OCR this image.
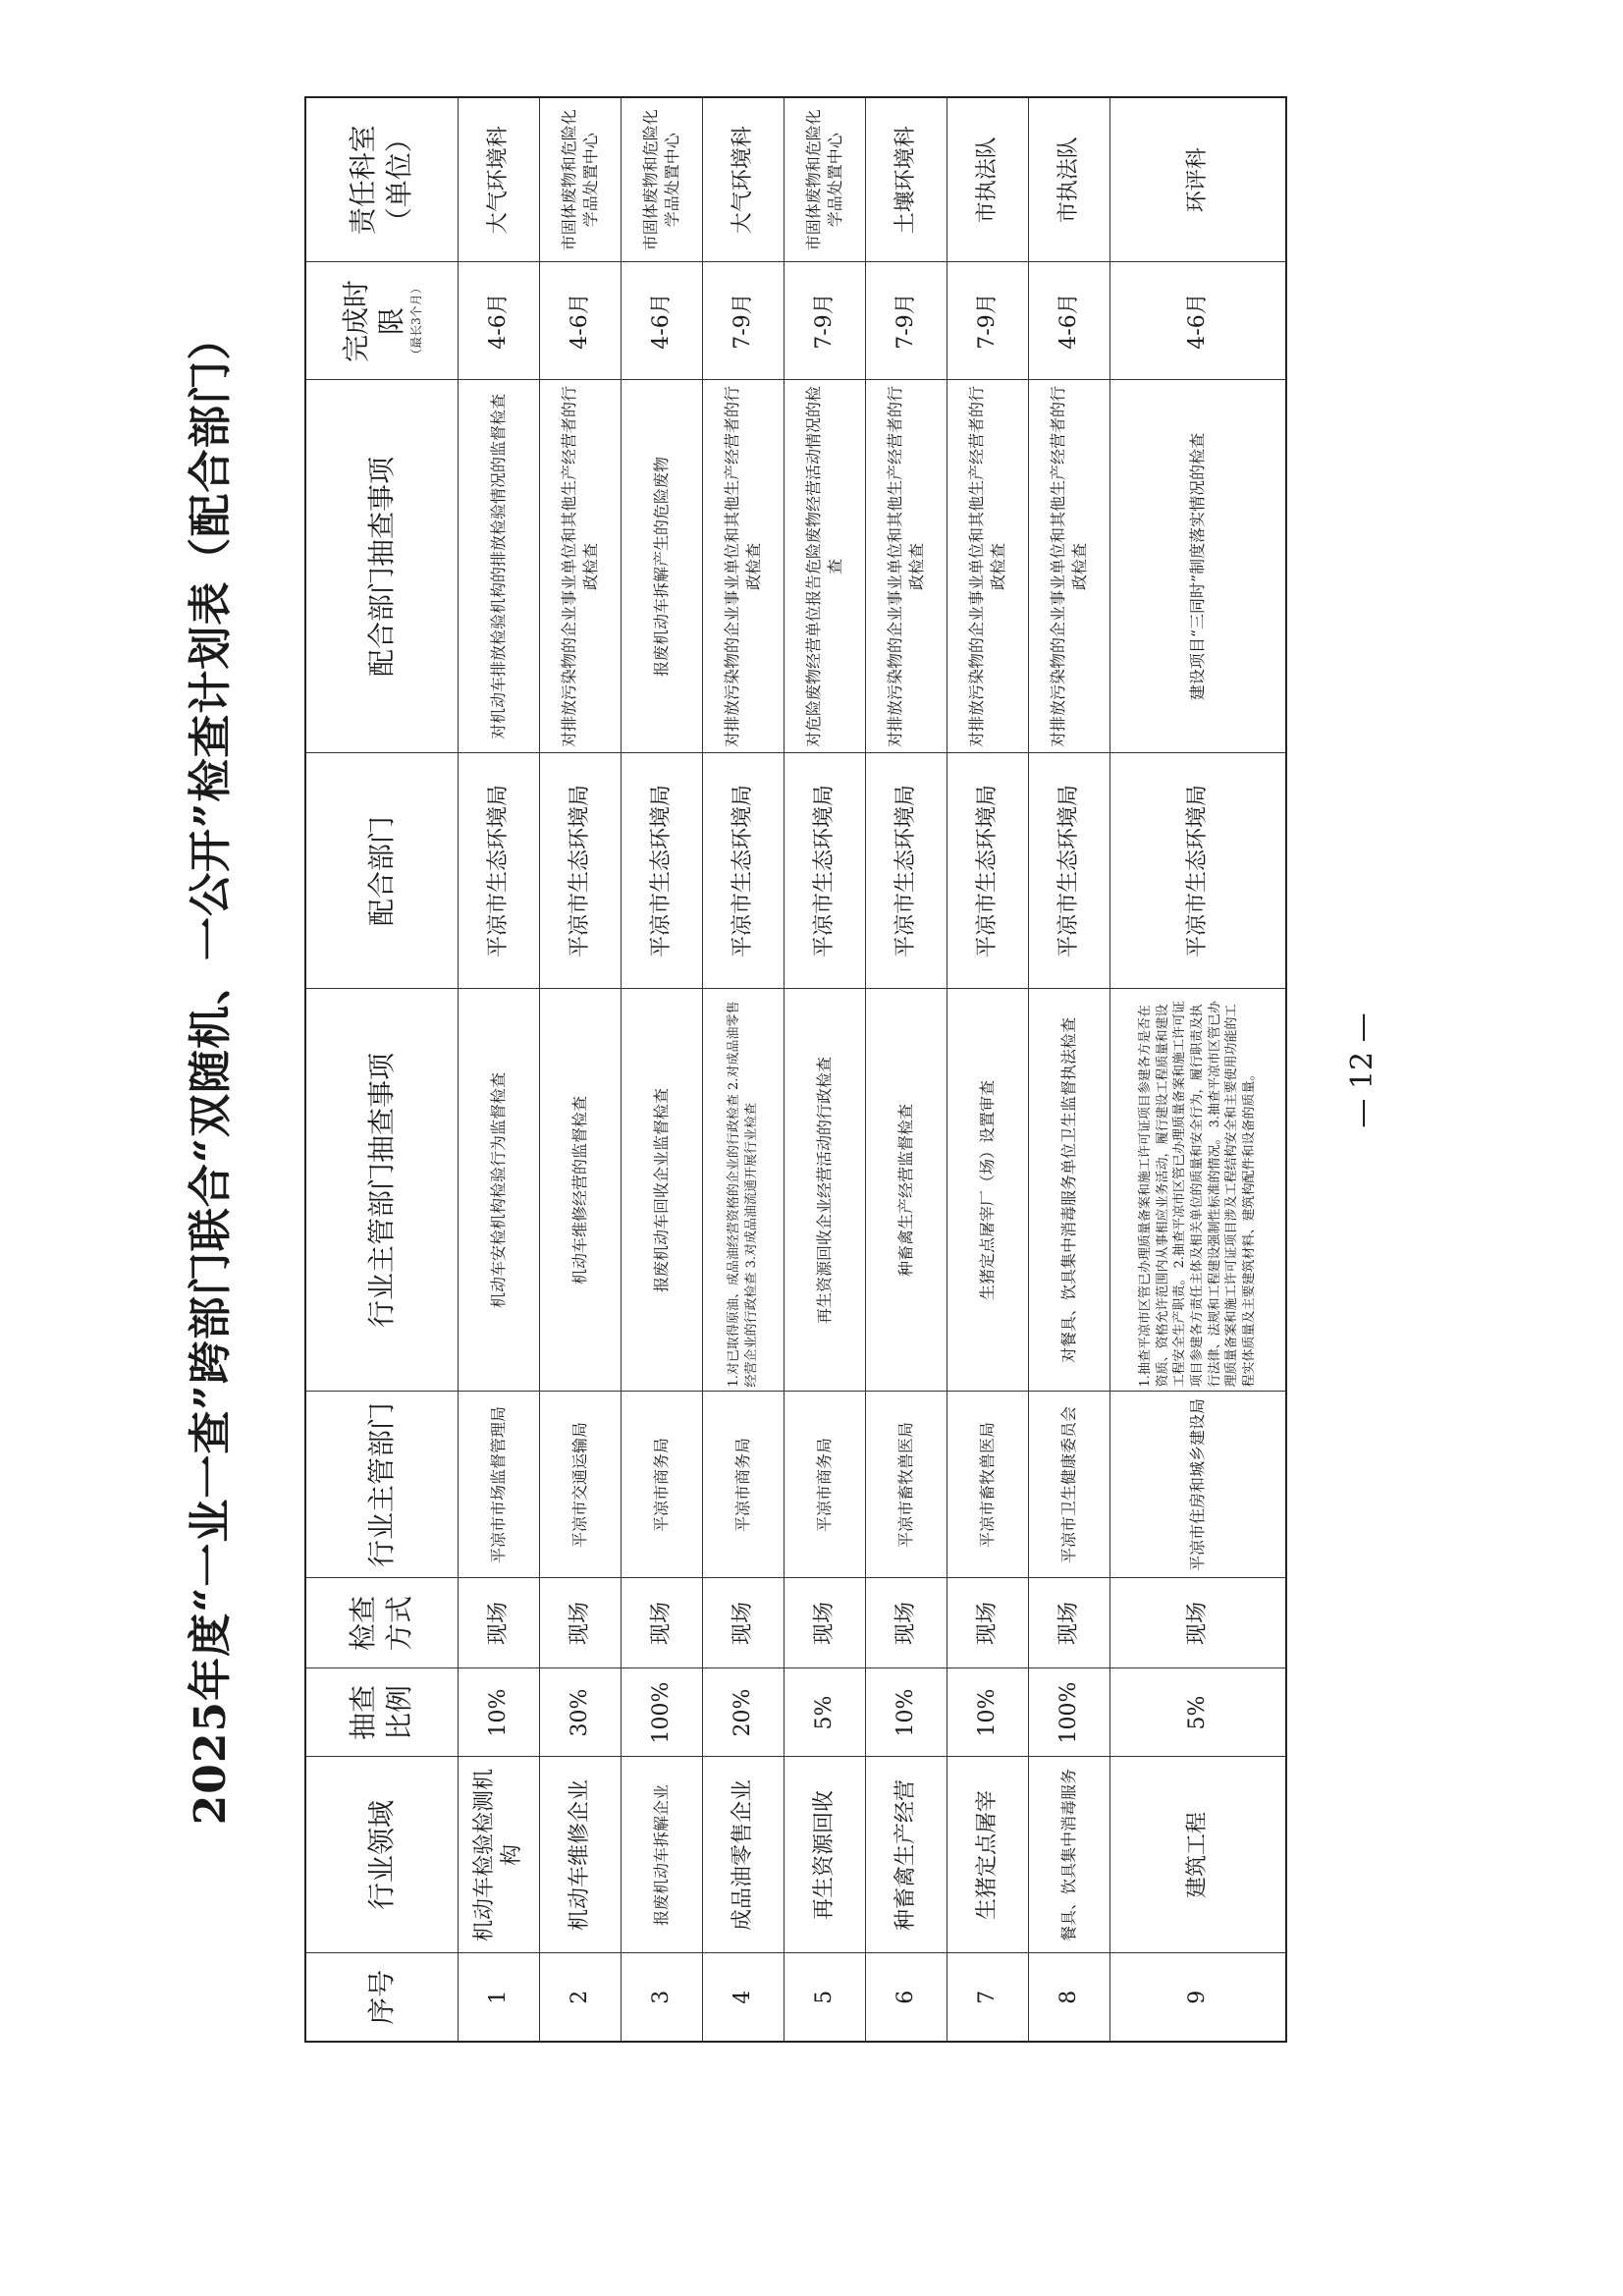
2025年度“一业一查”跨部门联合“双随机、一公开”检查计划表（配合部门）
序号	行业领域	抽查比例	检查方式	行业主管部门	行业主管部门抽查事项	配合部门	配合部门抽查事项	完成时限 （最长3个月）	责任科室（单位）
1	机动车检验检测机构	10%	现场	平凉市市场监督管理局	机动车安检机构检验行为监督检查	平凉市生态环境局	对机动车排放检验机构的排放检验情况的监督检查	4-6月	大气环境科
2	机动车维修企业	30%	现场	平凉市交通运输局	机动车维修经营的监督检查	平凉市生态环境局	对排放污染物的企业事业单位和其他生产经营者的行政检查	4-6月	市固体废物和危险化学品处置中心
3	报废机动车拆解企业	100%	现场	平凉市商务局	报废机动车回收企业监督检查	平凉市生态环境局	报废机动车拆解产生的危险废物	4-6月	市固体废物和危险化学品处置中心
4	成品油零售企业	20%	现场	平凉市商务局	1.对已取得原油、成品油经营资格的企业的行政检查 2.对成品油零售经营企业的行政检查 3.对成品油流通开展行业检查	平凉市生态环境局	对排放污染物的企业事业单位和其他生产经营者的行政检查	7-9月	大气环境科
5	再生资源回收	5%	现场	平凉市商务局	再生资源回收企业经营活动的行政检查	平凉市生态环境局	对危险废物经营单位报告危险废物经营活动情况的检查	7-9月	市固体废物和危险化学品处置中心
6	种畜禽生产经营	10%	现场	平凉市畜牧兽医局	种畜禽生产经营监督检查	平凉市生态环境局	对排放污染物的企业事业单位和其他生产经营者的行政检查	7-9月	土壤环境科
7	生猪定点屠宰	10%	现场	平凉市畜牧兽医局	生猪定点屠宰厂（场）设置审查	平凉市生态环境局	对排放污染物的企业事业单位和其他生产经营者的行政检查	7-9月	市执法队
8	餐具、饮具集中消毒服务	100%	现场	平凉市卫生健康委员会	对餐具、饮具集中消毒服务单位卫生监督执法检查	平凉市生态环境局	对排放污染物的企业事业单位和其他生产经营者的行政检查	4-6月	市执法队
9	建筑工程	5%	现场	平凉市住房和城乡建设局	1.抽查平凉市区管已办理质量备案和施工许可证项目参建各方是否在资质、资格允许范围内从事相应业务活动，履行建设工程质量和建设工程安全生产职责。 2.抽查平凉市区管已办理质量备案和施工许可证项目参建各方责任主体及相关单位的质量和安全行为，履行职责及执行法律、法规和工程建设强制性标准的情况。 3.抽查平凉市区管已办理质量备案和施工许可证项目涉及工程结构安全和主要使用功能的工程实体质量及主要建筑材料、建筑构配件和设备的质量。	平凉市生态环境局	建设项目“三同时”制度落实情况的检查	4-6月	环评科
— 12 —
